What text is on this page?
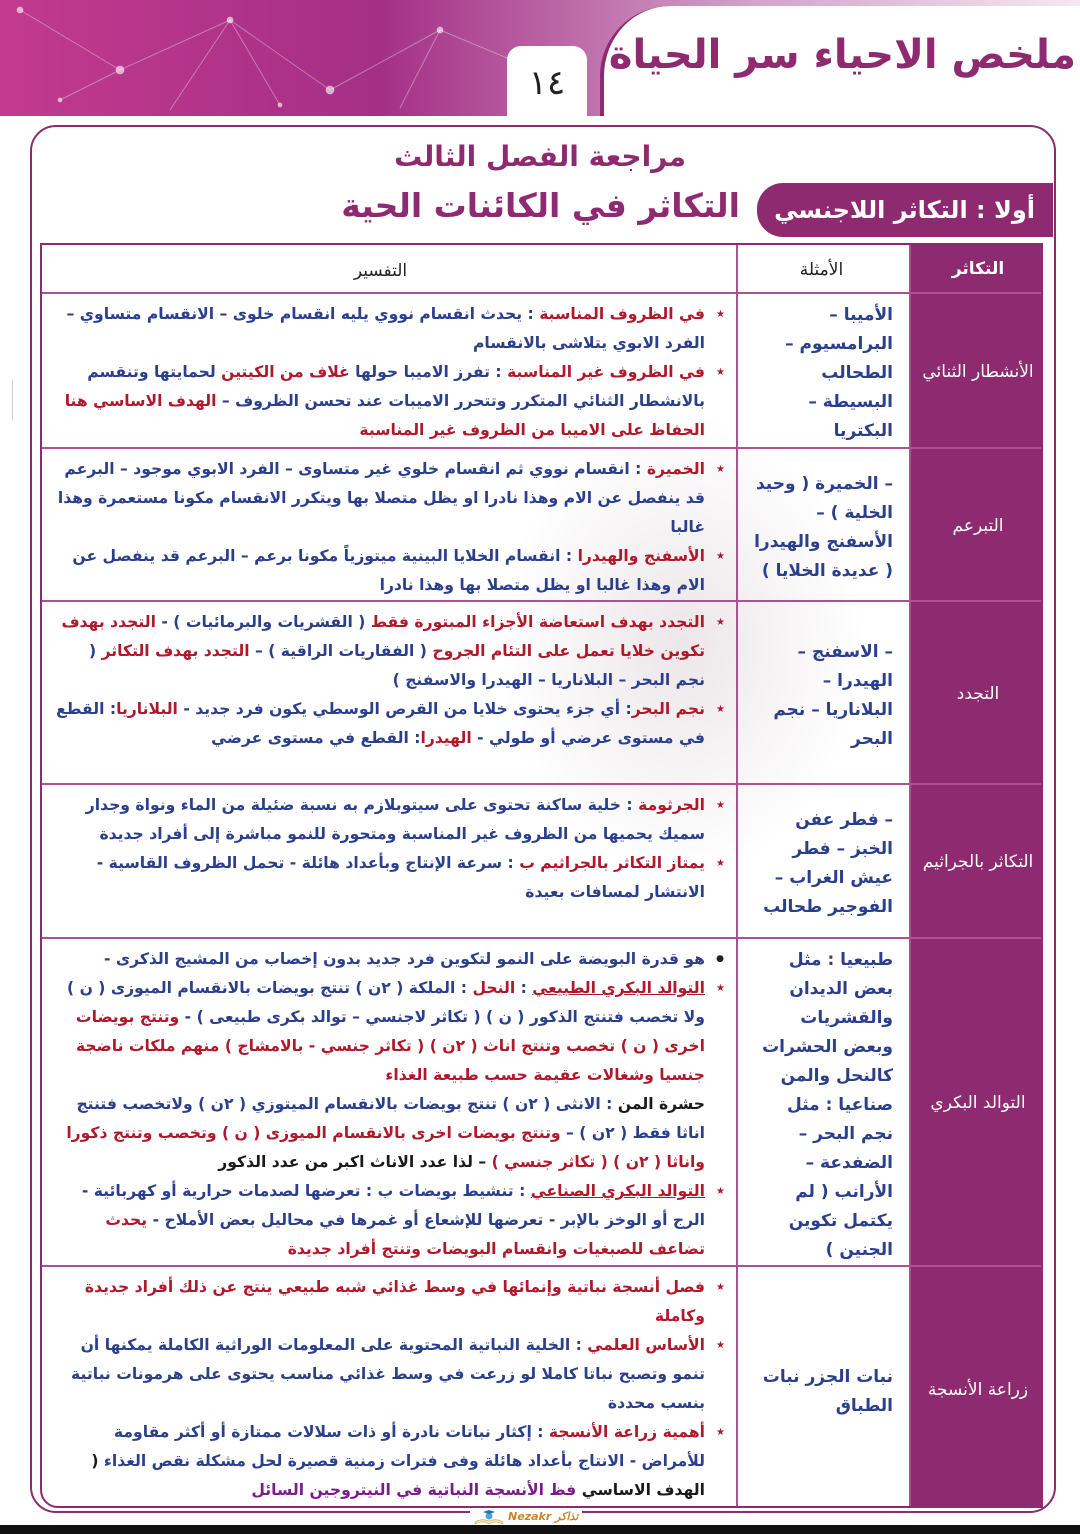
ملخص الاحياء سر الحياة
١٤
مراجعة الفصل الثالث
التكاثر في الكائنات الحية	أولا : التكاثر اللاجنسي
التكاثر
الأمثلة
التفسير
الأنشطار الثنائي
الأميبا – البرامسيوم – الطحالب البسيطة – البكتريا

★ في الظروف المناسبة : يحدث انقسام نووي يليه انقسام خلوى – الانقسام متساوي – الفرد الابوي يتلاشى بالانقسام

★ في الظروف غير المناسبة : تفرز الاميبا حولها غلاف من الكيتين لحمايتها وتنقسم بالانشطار الثنائي المتكرر وتتحرر الاميبات عند تحسن الظروف – الهدف الاساسي هنا الحفاظ على الاميبا من الظروف غير المناسبة

التبرعم
– الخميرة ( وحيد الخلية ) – الأسفنج والهيدرا ( عديدة الخلايا )

★ الخميرة : انقسام نووي ثم انقسام خلوي غير متساوى – الفرد الابوي موجود – البرعم قد ينفصل عن الام وهذا نادرا او يظل متصلا بها ويتكرر الانقسام مكونا مستعمرة وهذا غالبا

★ الأسفنج والهيدرا : انقسام الخلايا البينية ميتوزياً مكونا برعم – البرعم قد ينفصل عن الام وهذا غالبا او يظل متصلا بها وهذا نادرا

التجدد
– الاسفنج – الهيدرا – البلاناريا – نجم البحر

★ التجدد بهدف استعاضة الأجزاء المبتورة فقط ( القشريات والبرمائيات ) - التجدد بهدف تكوين خلايا تعمل على التئام الجروح ( الفقاريات الراقية ) – التجدد بهدف التكاثر ( نجم البحر – البلاناريا – الهيدرا والاسفنج )

★ نجم البحر: أي جزء يحتوى خلايا من القرص الوسطي يكون فرد جديد - البلاناريا: القطع في مستوى عرضي أو طولي - الهيدرا: القطع في مستوى عرضي

التكاثر بالجراثيم
– فطر عفن الخبز – فطر عيش الغراب – الفوجير طحالب

★ الجرثومة : خلية ساكنة تحتوى على سيتوبلازم به نسبة ضئيلة من الماء ونواة وجدار سميك يحميها من الظروف غير المناسبة ومتحورة للنمو مباشرة إلى أفراد جديدة

★ يمتاز التكاثر بالجراثيم ب : سرعة الإنتاج وبأعداد هائلة - تحمل الظروف القاسية - الانتشار لمسافات بعيدة

التوالد البكري
طبيعيا : مثل بعض الديدان والقشريات وبعض الحشرات كالنحل والمن صناعيا : مثل نجم البحر – الضفدعة – الأرانب ( لم يكتمل تكوين الجنين )

● هو قدرة البويضة على النمو لتكوين فرد جديد بدون إخصاب من المشيج الذكرى -

★ التوالد البكري الطبيعي : النحل : الملكة ( ٢ن ) تنتج بويضات بالانقسام الميوزى ( ن ) ولا تخصب فتنتج الذكور ( ن ) ( تكاثر لاجنسي – توالد بكرى طبيعى ) - وتنتج بويضات اخرى ( ن ) تخصب وتنتج اناث ( ٢ن ) ( تكاثر جنسي - بالامشاج ) منهم ملكات ناضجة جنسيا وشغالات عقيمة حسب طبيعة الغذاء

حشرة المن : الانثى ( ٢ن ) تنتج بويضات بالانقسام الميتوزي ( ٢ن ) ولاتخصب فتنتج اناثا فقط ( ٢ن ) – وتنتج بويضات اخرى بالانقسام الميوزى ( ن ) وتخصب وتنتج ذكورا واناثا ( ٢ن ) ( تكاثر جنسي ) – لذا عدد الاناث اكبر من عدد الذكور

★ التوالد البكري الصناعي : تنشيط بويضات ب : تعرضها لصدمات حرارية أو كهربائية - الرج أو الوخز بالإبر - تعرضها للإشعاع أو غمرها في محاليل بعض الأملاح - يحدث تضاعف للصبغيات وانقسام البويضات وتنتج أفراد جديدة

زراعة الأنسجة
نبات الجزر نبات الطباق

★ فصل أنسجة نباتية وإنمائها في وسط غذائي شبه طبيعي ينتج عن ذلك أفراد جديدة وكاملة

★ الأساس العلمي : الخلية النباتية المحتوية على المعلومات الوراثية الكاملة يمكنها أن تنمو وتصبح نباتا كاملا لو زرعت في وسط غذائي مناسب يحتوى على هرمونات نباتية بنسب محددة

★ أهمية زراعة الأنسجة : إكثار نباتات نادرة أو ذات سلالات ممتازة أو أكثر مقاومة للأمراض - الانتاج بأعداد هائلة وفى فترات زمنية قصيرة لحل مشكلة نقص الغذاء ( الهدف الاساسي فظ الأنسجة النباتية في النيتروجين السائل

Nezakr تذاكر
